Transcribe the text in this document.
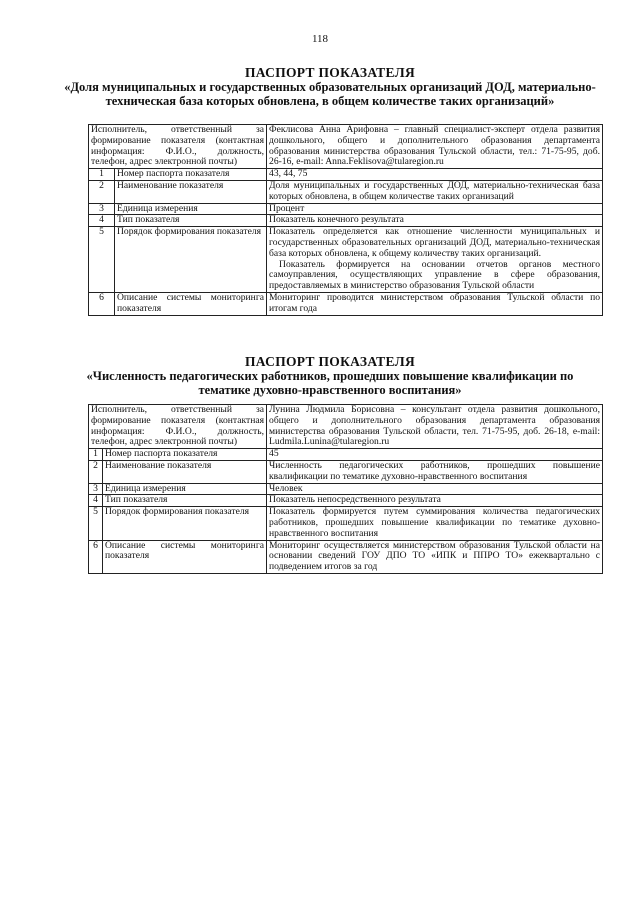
118
ПАСПОРТ ПОКАЗАТЕЛЯ
«Доля муниципальных и государственных образовательных организаций ДОД, материально-техническая база которых обновлена, в общем количестве таких организаций»
Исполнитель, ответственный за формирование показателя (контактная информация: Ф.И.О., должность, телефон, адрес электронной почты)		Феклисова Анна Арифовна – главный специалист-эксперт отдела развития дошкольного, общего и дополнительного образования департамента образования министерства образования Тульской области, тел.: 71-75-95, доб. 26-16, e-mail: Anna.Feklisova@tularegion.ru
1	Номер паспорта показателя	43, 44, 75
2	Наименование показателя	Доля муниципальных и государственных ДОД, материально-техническая база которых обновлена, в общем количестве таких организаций
3	Единица измерения	Процент
4	Тип показателя	Показатель конечного результата
5	Порядок формирования показателя	Показатель определяется как отношение численности муниципальных и государственных образовательных организаций ДОД, материально-техническая база которых обновлена, к общему количеству таких организаций.
Показатель формируется на основании отчетов органов местного самоуправления, осуществляющих управление в сфере образования, предоставляемых в министерство образования Тульской области

6	Описание системы мониторинга показателя	Мониторинг проводится министерством образования Тульской области по итогам года
ПАСПОРТ ПОКАЗАТЕЛЯ
«Численность педагогических работников, прошедших повышение квалификации по тематике духовно-нравственного воспитания»
Исполнитель, ответственный за формирование показателя (контактная информация: Ф.И.О., должность, телефон, адрес электронной почты)		Лунина Людмила Борисовна – консультант отдела развития дошкольного, общего и дополнительного образования департамента образования министерства образования Тульской области, тел. 71-75-95, доб. 26-18, e-mail: Ludmila.Lunina@tularegion.ru
1	Номер паспорта показателя	45
2	Наименование показателя	Численность педагогических работников, прошедших повышение квалификации по тематике духовно-нравственного воспитания
3	Единица измерения	Человек
4	Тип показателя	Показатель непосредственного результата
5	Порядок формирования показателя	Показатель формируется путем суммирования количества педагогических работников, прошедших повышение квалификации по тематике духовно-нравственного воспитания
6	Описание системы мониторинга показателя	Мониторинг осуществляется министерством образования Тульской области на основании сведений ГОУ ДПО ТО «ИПК и ППРО ТО» ежеквартально с подведением итогов за год
